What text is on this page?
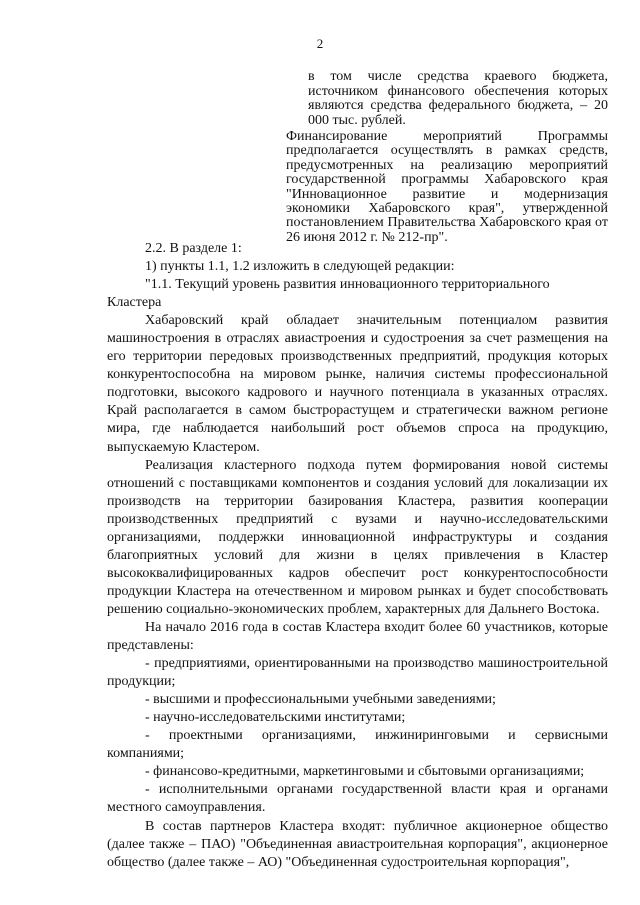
2

в том числе средства краевого бюджета, источником финансового обеспечения которых являются средства федерального бюджета, – 20 000 тыс. рублей.

Финансирование мероприятий Программы предполагается осуществлять в рамках средств, предусмотренных на реализацию мероприятий государственной программы Хабаровского края "Инновационное развитие и модернизация экономики Хабаровского края", утвержденной постановлением Правительства Хабаровского края от 26 июня 2012 г. № 212-пр".

2.2. В разделе 1:

1) пункты 1.1, 1.2 изложить в следующей редакции:

"1.1. Текущий уровень развития инновационного территориального

Кластера

Хабаровский край обладает значительным потенциалом развития машиностроения в отраслях авиастроения и судостроения за счет размещения на его территории передовых производственных предприятий, продукция которых конкурентоспособна на мировом рынке, наличия системы профессиональной подготовки, высокого кадрового и научного потенциала в указанных отраслях. Край располагается в самом быстрорастущем и стратегически важном регионе мира, где наблюдается наибольший рост объемов спроса на продукцию, выпускаемую Кластером.

Реализация кластерного подхода путем формирования новой системы отношений с поставщиками компонентов и создания условий для локализации их производств на территории базирования Кластера, развития кооперации производственных предприятий с вузами и научно-исследовательскими организациями, поддержки инновационной инфраструктуры и создания благоприятных условий для жизни в целях привлечения в Кластер высококвалифицированных кадров обеспечит рост конкурентоспособности продукции Кластера на отечественном и мировом рынках и будет способствовать решению социально-экономических проблем, характерных для Дальнего Востока.

На начало 2016 года в состав Кластера входит более 60 участников, которые представлены:

- предприятиями, ориентированными на производство машиностроительной продукции;

- высшими и профессиональными учебными заведениями;

- научно-исследовательскими институтами;

- проектными организациями, инжиниринговыми и сервисными компаниями;

- финансово-кредитными, маркетинговыми и сбытовыми организациями;

- исполнительными органами государственной власти края и органами местного самоуправления.

В состав партнеров Кластера входят: публичное акционерное общество (далее также – ПАО) "Объединенная авиастроительная корпорация", акционерное общество (далее также – АО) "Объединенная судостроительная корпорация",
